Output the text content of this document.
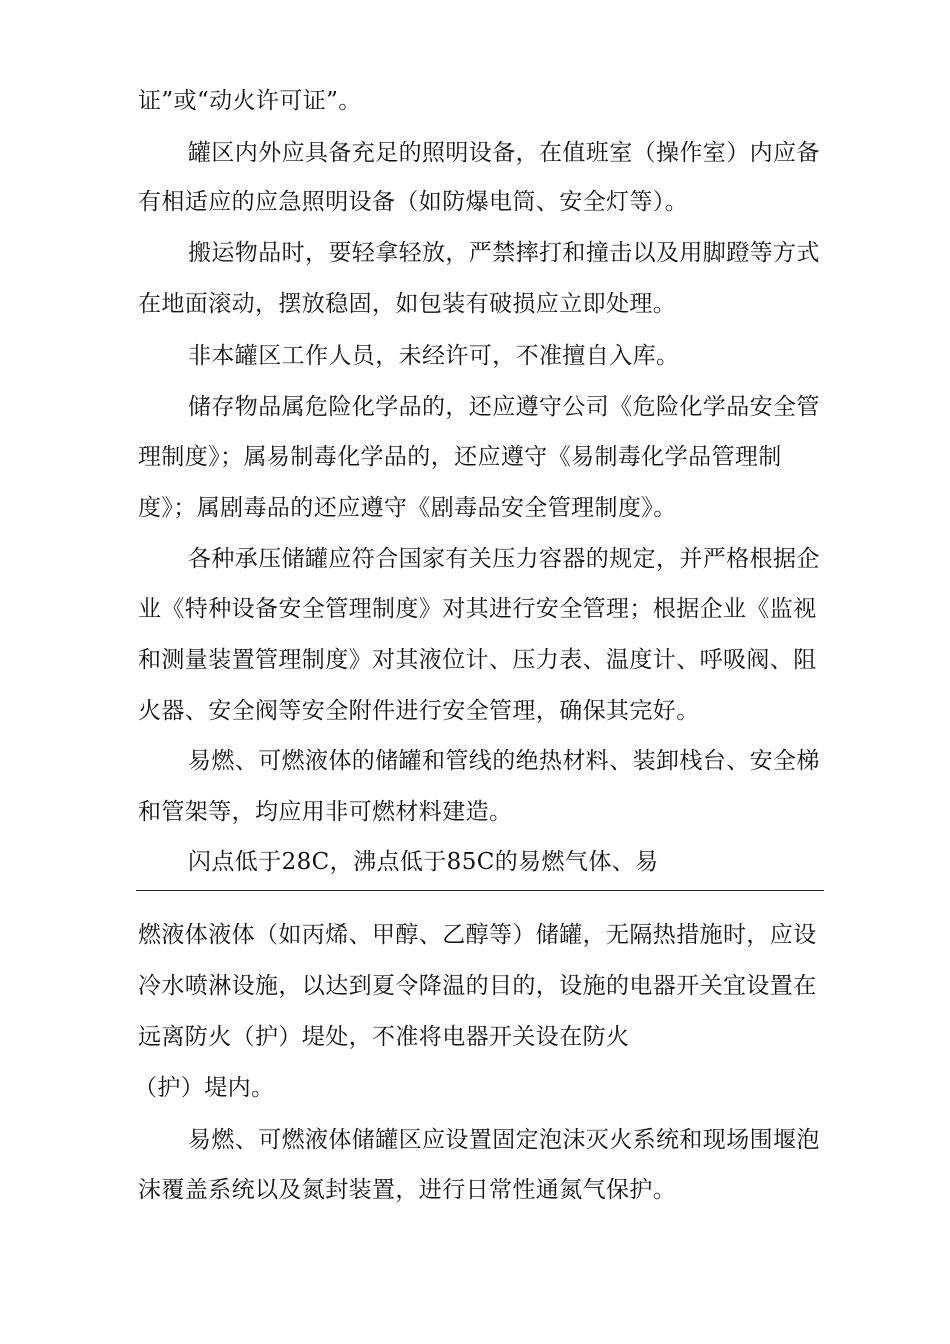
证”或“动火许可证”。
罐区内外应具备充足的照明设备，在值班室（操作室）内应备
有相适应的应急照明设备（如防爆电筒、安全灯等）。
搬运物品时，要轻拿轻放，严禁摔打和撞击以及用脚蹬等方式
在地面滚动，摆放稳固，如包装有破损应立即处理。
非本罐区工作人员，未经许可，不准擅自入库。
储存物品属危险化学品的，还应遵守公司《危险化学品安全管
理制度》；属易制毒化学品的，还应遵守《易制毒化学品管理制
度》；属剧毒品的还应遵守《剧毒品安全管理制度》。
各种承压储罐应符合国家有关压力容器的规定，并严格根据企
业《特种设备安全管理制度》对其进行安全管理；根据企业《监视
和测量装置管理制度》对其液位计、压力表、温度计、呼吸阀、阻
火器、安全阀等安全附件进行安全管理，确保其完好。
易燃、可燃液体的储罐和管线的绝热材料、装卸栈台、安全梯
和管架等，均应用非可燃材料建造。
闪点低于28C，沸点低于85C的易燃气体、易
燃液体液体（如丙烯、甲醇、乙醇等）储罐，无隔热措施时，应设
冷水喷淋设施，以达到夏令降温的目的，设施的电器开关宜设置在
远离防火（护）堤处，不准将电器开关设在防火
（护）堤内。
易燃、可燃液体储罐区应设置固定泡沫灭火系统和现场围堰泡
沫覆盖系统以及氮封装置，进行日常性通氮气保护。
